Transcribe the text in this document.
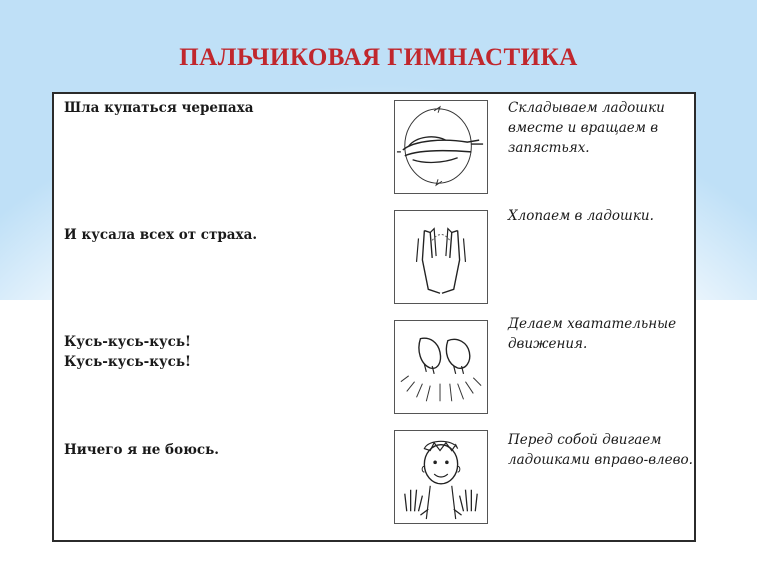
ПАЛЬЧИКОВАЯ ГИМНАСТИКА

Шла купаться черепаха	Складываем ладошки вместе и вращаем в запястьях.

И кусала всех от страха.

Хлопаем в ладошки.

Кусь-кусь-кусь!
Кусь-кусь-кусь!

Делаем хватательные движения.

Ничего я не боюсь.

Перед собой двигаем ладошками вправо-влево.
